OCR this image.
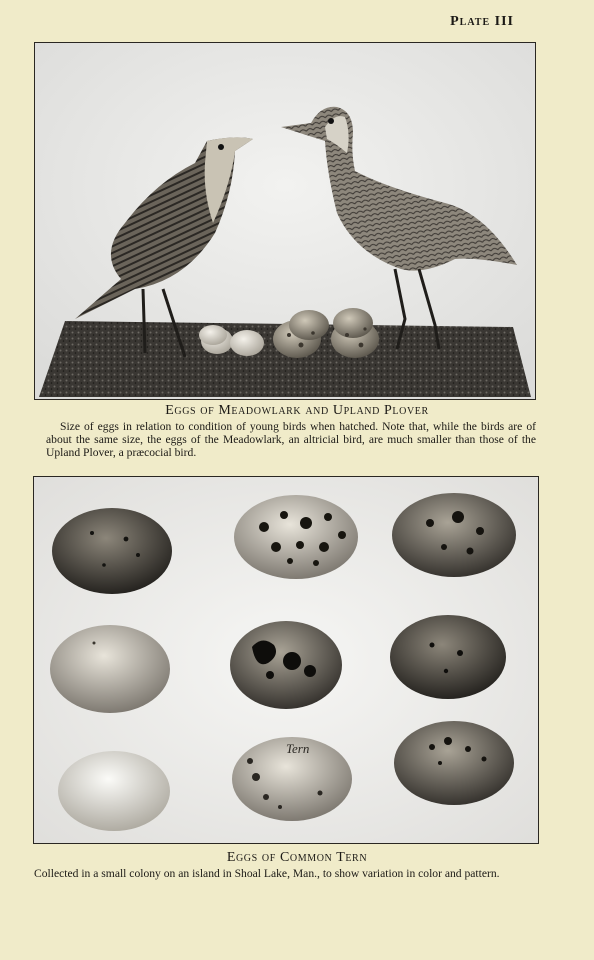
Plate III
Eggs of Meadowlark and Upland Plover
Size of eggs in relation to condition of young birds when hatched. Note that, while the birds are of about the same size, the eggs of the Meadowlark, an altricial bird, are much smaller than those of the Upland Plover, a præcocial bird.
Tern
Eggs of Common Tern
Collected in a small colony on an island in Shoal Lake, Man., to show variation in color and pattern.
